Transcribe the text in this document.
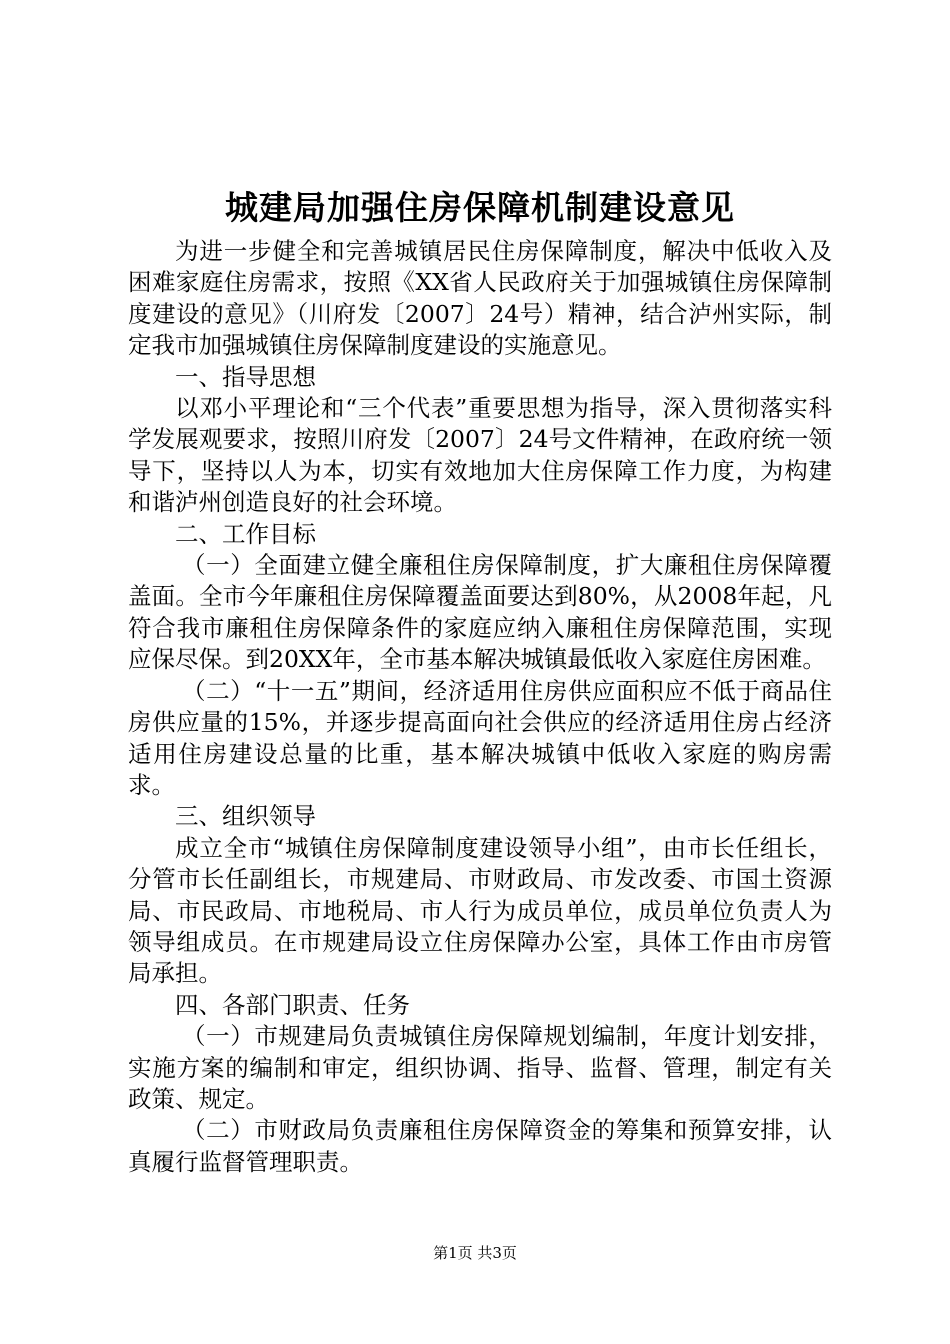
城建局加强住房保障机制建设意见

为进一步健全和完善城镇居民住房保障制度，解决中低收入及困难家庭住房需求，按照《XX省人民政府关于加强城镇住房保障制度建设的意见》（川府发〔2007〕24号）精神，结合泸州实际，制定我市加强城镇住房保障制度建设的实施意见。

一、指导思想

以邓小平理论和“三个代表”重要思想为指导，深入贯彻落实科学发展观要求，按照川府发〔2007〕24号文件精神，在政府统一领导下，坚持以人为本，切实有效地加大住房保障工作力度，为构建和谐泸州创造良好的社会环境。

二、工作目标

（一）全面建立健全廉租住房保障制度，扩大廉租住房保障覆盖面。全市今年廉租住房保障覆盖面要达到80%，从2008年起，凡符合我市廉租住房保障条件的家庭应纳入廉租住房保障范围，实现应保尽保。到20XX年，全市基本解决城镇最低收入家庭住房困难。

（二）“十一五”期间，经济适用住房供应面积应不低于商品住房供应量的15%，并逐步提高面向社会供应的经济适用住房占经济适用住房建设总量的比重，基本解决城镇中低收入家庭的购房需求。

三、组织领导

成立全市“城镇住房保障制度建设领导小组”，由市长任组长，分管市长任副组长，市规建局、市财政局、市发改委、市国土资源局、市民政局、市地税局、市人行为成员单位，成员单位负责人为领导组成员。在市规建局设立住房保障办公室，具体工作由市房管局承担。

四、各部门职责、任务

（一）市规建局负责城镇住房保障规划编制，年度计划安排，实施方案的编制和审定，组织协调、指导、监督、管理，制定有关政策、规定。

（二）市财政局负责廉租住房保障资金的筹集和预算安排，认真履行监督管理职责。

第1页 共3页
